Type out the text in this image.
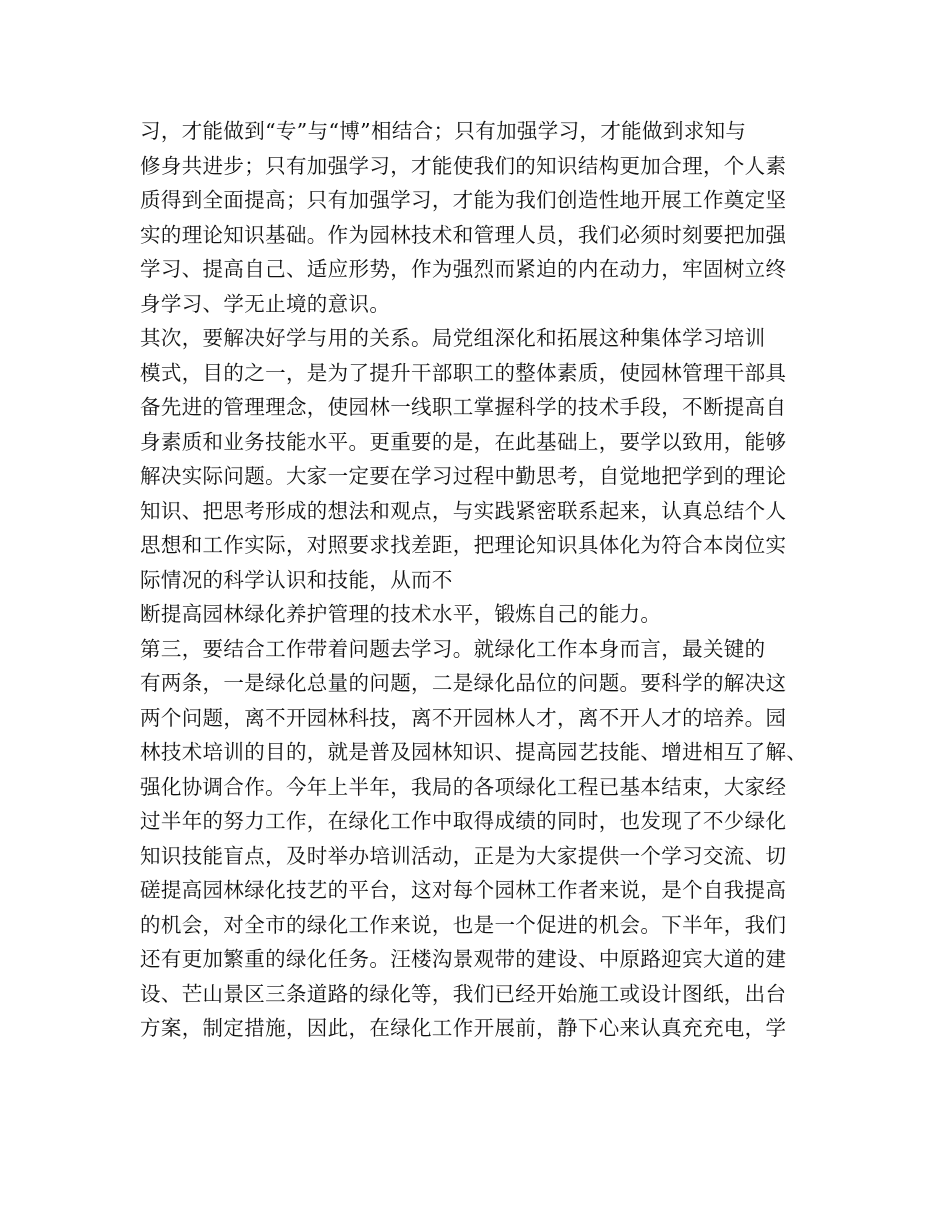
习，才能做到“专”与“博”相结合；只有加强学习，才能做到求知与
修身共进步；只有加强学习，才能使我们的知识结构更加合理，个人素
质得到全面提高；只有加强学习，才能为我们创造性地开展工作奠定坚
实的理论知识基础。作为园林技术和管理人员，我们必须时刻要把加强
学习、提高自己、适应形势，作为强烈而紧迫的内在动力，牢固树立终
身学习、学无止境的意识。
其次，要解决好学与用的关系。局党组深化和拓展这种集体学习培训
模式，目的之一，是为了提升干部职工的整体素质，使园林管理干部具
备先进的管理理念，使园林一线职工掌握科学的技术手段，不断提高自
身素质和业务技能水平。更重要的是，在此基础上，要学以致用，能够
解决实际问题。大家一定要在学习过程中勤思考，自觉地把学到的理论
知识、把思考形成的想法和观点，与实践紧密联系起来，认真总结个人
思想和工作实际，对照要求找差距，把理论知识具体化为符合本岗位实
际情况的科学认识和技能，从而不
断提高园林绿化养护管理的技术水平，锻炼自己的能力。
第三，要结合工作带着问题去学习。就绿化工作本身而言，最关键的
有两条，一是绿化总量的问题，二是绿化品位的问题。要科学的解决这
两个问题，离不开园林科技，离不开园林人才，离不开人才的培养。园
林技术培训的目的，就是普及园林知识、提高园艺技能、增进相互了解、
强化协调合作。今年上半年，我局的各项绿化工程已基本结束，大家经
过半年的努力工作，在绿化工作中取得成绩的同时，也发现了不少绿化
知识技能盲点，及时举办培训活动，正是为大家提供一个学习交流、切
磋提高园林绿化技艺的平台，这对每个园林工作者来说，是个自我提高
的机会，对全市的绿化工作来说，也是一个促进的机会。下半年，我们
还有更加繁重的绿化任务。汪楼沟景观带的建设、中原路迎宾大道的建
设、芒山景区三条道路的绿化等，我们已经开始施工或设计图纸，出台
方案，制定措施，因此，在绿化工作开展前，静下心来认真充充电，学
